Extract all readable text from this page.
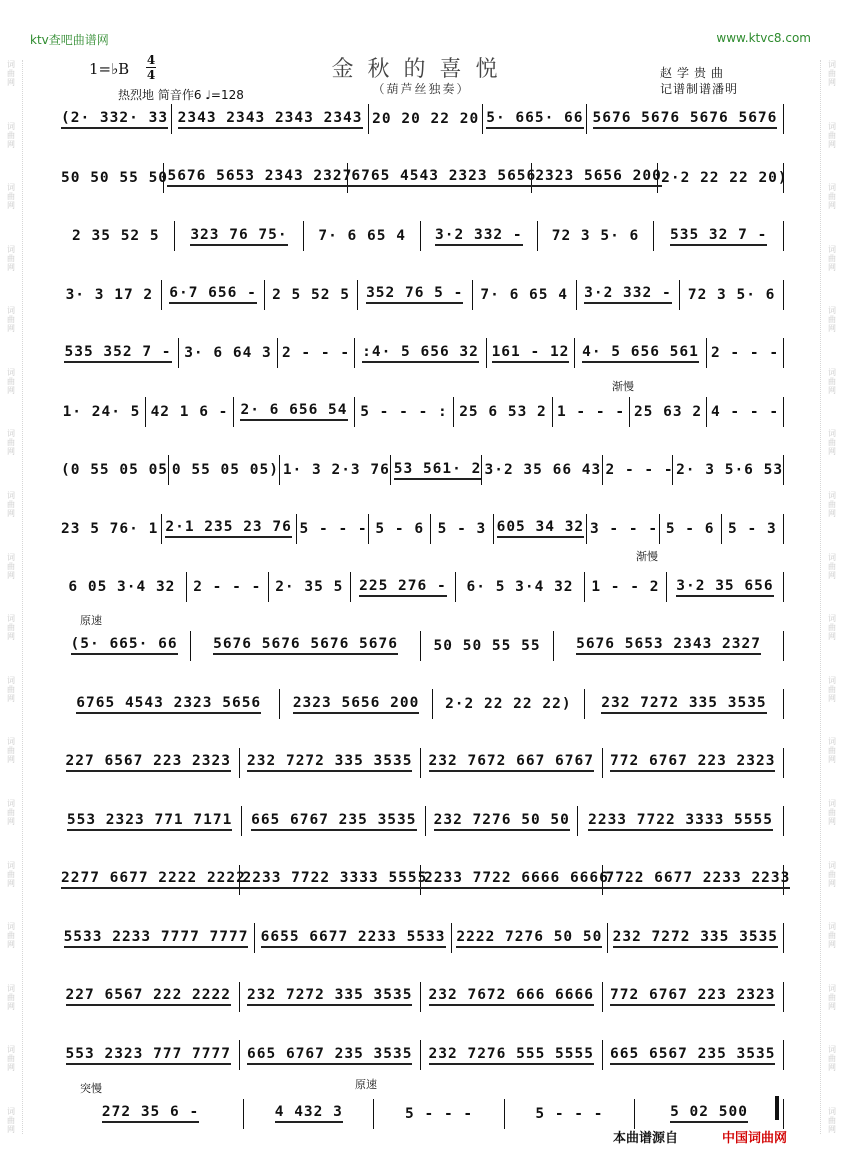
词
曲
网
词
曲
网
词
曲
网
词
曲
网
词
曲
网
词
曲
网
词
曲
网
词
曲
网
词
曲
网
词
曲
网
词
曲
网
词
曲
网
词
曲
网
词
曲
网
词
曲
网
词
曲
网
词
曲
网
词
曲
网
词
曲
网
词
曲
网
词
曲
网
词
曲
网
词
曲
网
词
曲
网
词
曲
网
词
曲
网
词
曲
网
词
曲
网
词
曲
网
词
曲
网
词
曲
网
词
曲
网
词
曲
网
词
曲
网
词
曲
网
词
曲
网
ktv查吧曲谱网	www.ktvc8.com
1=♭B 4
4	金秋的喜悦
（葫芦丝独奏）
赵学贵曲
记谱制谱潘明
热烈地 简音作6 ♩=128
渐慢
渐慢
原速
突慢	原速
(2· 332· 33 2343 2343 2343 2343 20 20 22 20 5· 665· 66 5676 5676 5676 5676
50 50 55 50 5676 5653 2343 2327 6765 4543 2323 5656 2323 5656 200 2·2 22 22 20)
2 35 52 5 323 76 75· 7· 6 65 4 3·2 332 - 72 3 5· 6 535 32 7 -
3· 3 17 2 6·7 656 - 2 5 52 5 352 76 5 - 7· 6 65 4 3·2 332 - 72 3 5· 6
535 352 7 - 3· 6 64 3 2 - - - :4· 5 656 32 161 - 12 4· 5 656 561 2 - - -
1· 24· 5 42 1 6 - 2· 6 656 54 5 - - - : 25 6 53 2 1 - - - 25 63 2 4 - - -
(0 55 05 05 0 55 05 05) 1· 3 2·3 76 53 561· 2 3·2 35 66 43 2 - - - 2· 3 5·6 53
23 5 76· 1 2·1 235 23 76 5 - - - 5 - 6 5 - 3 605 34 32 3 - - - 5 - 6 5 - 3
6 05 3·4 32 2 - - - 2· 35 5 225 276 - 6· 5 3·4 32 1 - - 2 3·2 35 656
(5· 665· 66 5676 5676 5676 5676 50 50 55 55 5676 5653 2343 2327
6765 4543 2323 5656 2323 5656 200 2·2 22 22 22) 232 7272 335 3535
227 6567 223 2323 232 7272 335 3535 232 7672 667 6767 772 6767 223 2323
553 2323 771 7171 665 6767 235 3535 232 7276 50 50 2233 7722 3333 5555
2277 6677 2222 2222
2233 7722 3333 5555
2233 7722 6666 6666
7722 6677 2233 2233
5533 2233 7777 7777 6655 6677 2233 5533 2222 7276 50 50 232 7272 335 3535
227 6567 222 2222 232 7272 335 3535 232 7672 666 6666 772 6767 223 2323
553 2323 777 7777 665 6767 235 3535 232 7276 555 5555 665 6567 235 3535
272 35 6 -	4 432 3	5 - - -	5 - - -	5 02 500
本曲谱源自	中国词曲网
